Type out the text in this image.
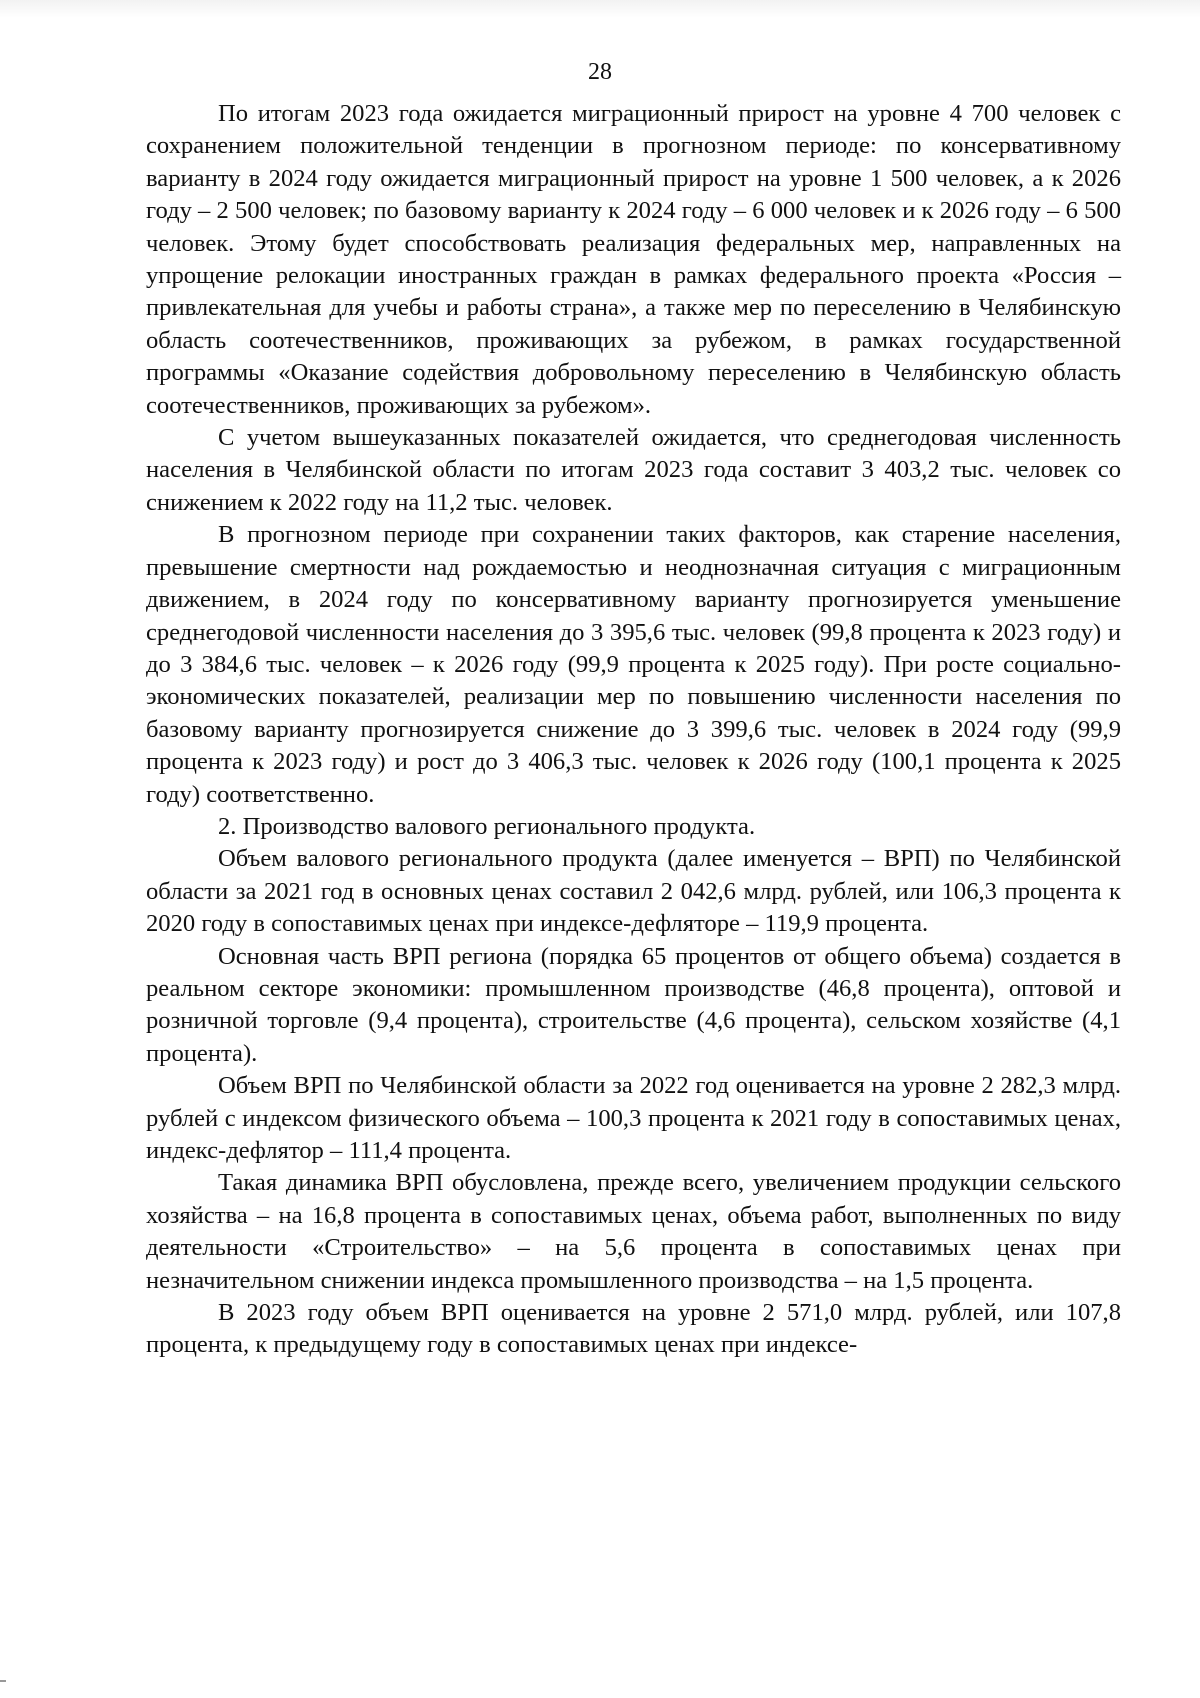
28

По итогам 2023 года ожидается миграционный прирост на уровне 4 700 человек с сохранением положительной тенденции в прогнозном периоде: по консервативному варианту в 2024 году ожидается миграционный прирост на уровне 1 500 человек, а к 2026 году – 2 500 человек; по базовому варианту к 2024 году – 6 000 человек и к 2026 году – 6 500 человек. Этому будет способствовать реализация федеральных мер, направленных на упрощение релокации иностранных граждан в рамках федерального проекта «Россия – привлекательная для учебы и работы страна», а также мер по переселению в Челябинскую область соотечественников, проживающих за рубежом, в рамках государственной программы «Оказание содействия добровольному переселению в Челябинскую область соотечественников, проживающих за рубежом».

С учетом вышеуказанных показателей ожидается, что среднегодовая численность населения в Челябинской области по итогам 2023 года составит 3 403,2 тыс. человек со снижением к 2022 году на 11,2 тыс. человек.

В прогнозном периоде при сохранении таких факторов, как старение населения, превышение смертности над рождаемостью и неоднозначная ситуация с миграционным движением, в 2024 году по консервативному варианту прогнозируется уменьшение среднегодовой численности населения до 3 395,6 тыс. человек (99,8 процента к 2023 году) и до 3 384,6 тыс. человек – к 2026 году (99,9 процента к 2025 году). При росте социально-экономических показателей, реализации мер по повышению численности населения по базовому варианту прогнозируется снижение до 3 399,6 тыс. человек в 2024 году (99,9 процента к 2023 году) и рост до 3 406,3 тыс. человек к 2026 году (100,1 процента к 2025 году) соответственно.

2. Производство валового регионального продукта.

Объем валового регионального продукта (далее именуется – ВРП) по Челябинской области за 2021 год в основных ценах составил 2 042,6 млрд. рублей, или 106,3 процента к 2020 году в сопоставимых ценах при индексе-дефляторе – 119,9 процента.

Основная часть ВРП региона (порядка 65 процентов от общего объема) создается в реальном секторе экономики: промышленном производстве (46,8 процента), оптовой и розничной торговле (9,4 процента), строительстве (4,6 процента), сельском хозяйстве (4,1 процента).

Объем ВРП по Челябинской области за 2022 год оценивается на уровне 2 282,3 млрд. рублей с индексом физического объема – 100,3 процента к 2021 году в сопоставимых ценах, индекс-дефлятор – 111,4 процента.

Такая динамика ВРП обусловлена, прежде всего, увеличением продукции сельского хозяйства – на 16,8 процента в сопоставимых ценах, объема работ, выполненных по виду деятельности «Строительство» – на 5,6 процента в сопоставимых ценах при незначительном снижении индекса промышленного производства – на 1,5 процента.

В 2023 году объем ВРП оценивается на уровне 2 571,0 млрд. рублей, или 107,8 процента, к предыдущему году в сопоставимых ценах при индексе-
